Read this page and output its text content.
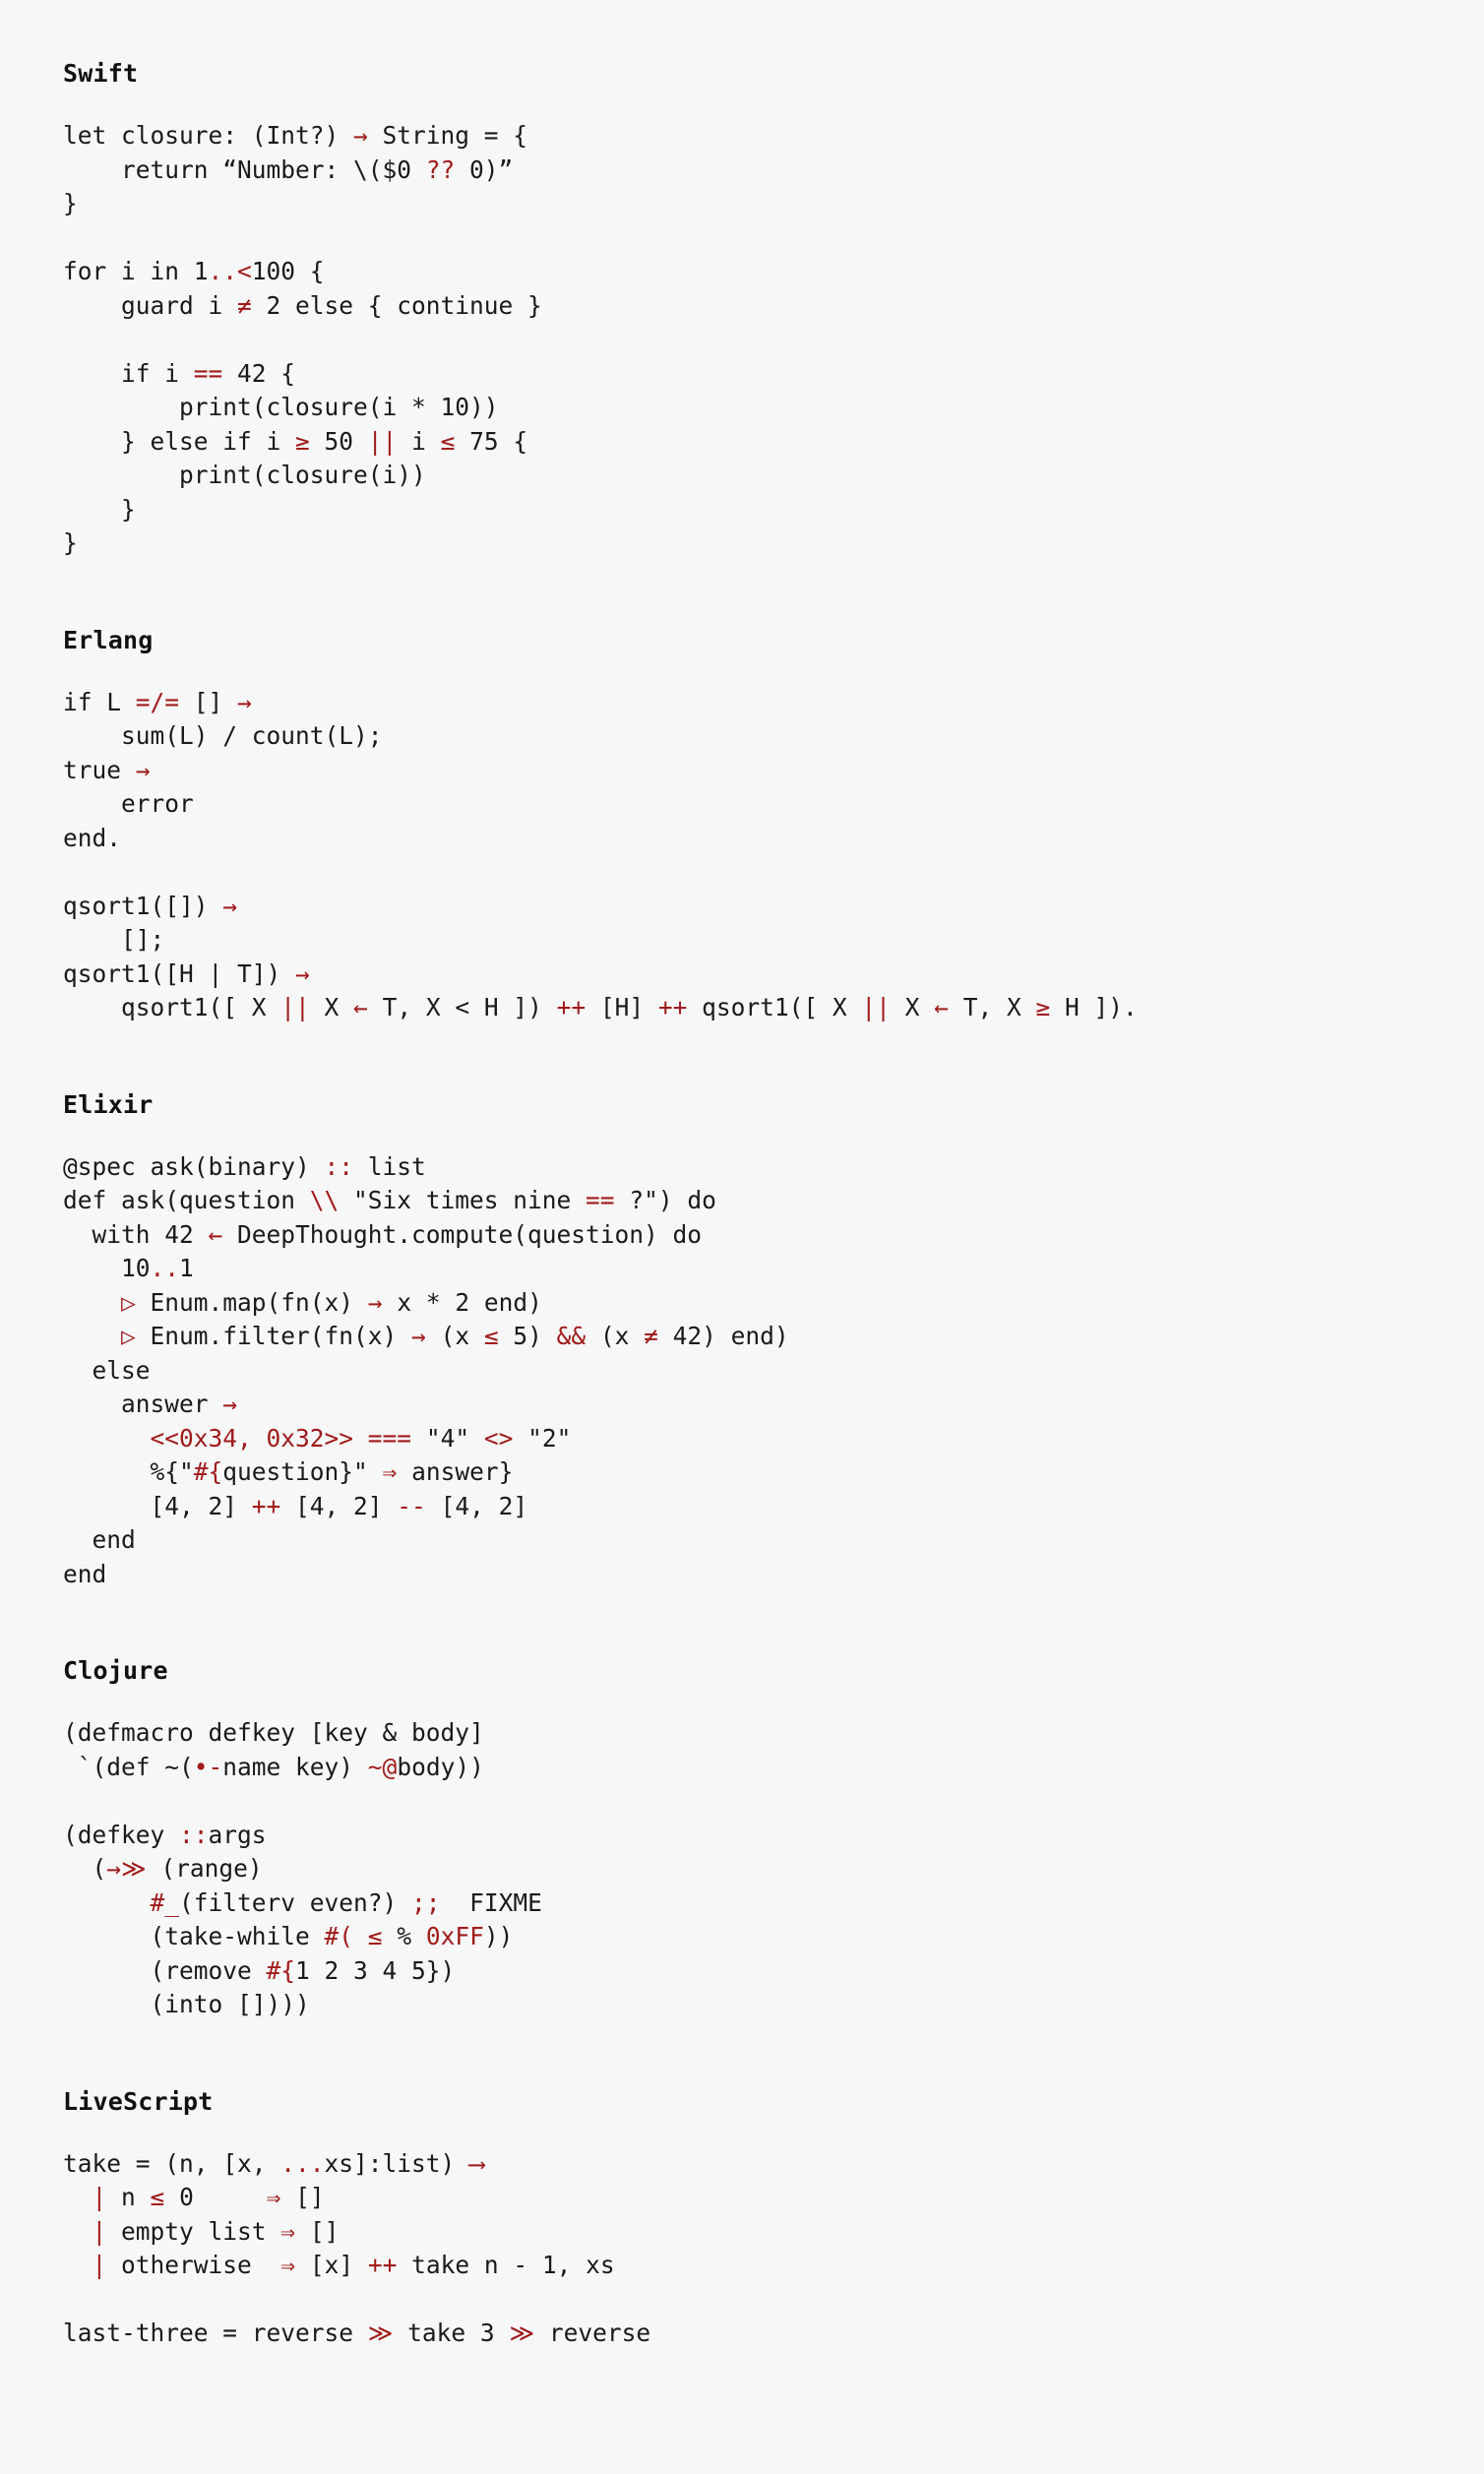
Swift
let closure: (Int?) → String = {
return “Number: \($0 ?? 0)”
}
for i in 1..<100 {
guard i ≠ 2 else { continue }
if i == 42 {
print(closure(i * 10))
} else if i ≥ 50 || i ≤ 75 {
print(closure(i))
}
}
Erlang
if L =/= [] →
sum(L) / count(L);
true →
error
end.
qsort1([]) →
[];
qsort1([H | T]) →
qsort1([ X || X ← T, X < H ]) ++ [H] ++ qsort1([ X || X ← T, X ≥ H ]).
Elixir
@spec ask(binary) :: list
def ask(question \\ "Six times nine == ?") do
with 42 ← DeepThought.compute(question) do
10..1
▷ Enum.map(fn(x) → x * 2 end)
▷ Enum.filter(fn(x) → (x ≤ 5) && (x ≠ 42) end)
else
answer →
<<0x34, 0x32>> === "4" <> "2"
%{"#{question}" ⇒ answer}
[4, 2] ++ [4, 2] -- [4, 2]
end
end
Clojure
(defmacro defkey [key & body]
`(def ~(•-name key) ~@body))
(defkey ::args
(→≫ (range)
#_(filterv even?) ;;  FIXME
(take-while #( ≤ % 0xFF))
(remove #{1 2 3 4 5})
(into [])))
LiveScript
take = (n, [x, ...xs]:list) ⟶
| n ≤ 0     ⇒ []
| empty list ⇒ []
| otherwise  ⇒ [x] ++ take n - 1, xs
last-three = reverse ≫ take 3 ≫ reverse
